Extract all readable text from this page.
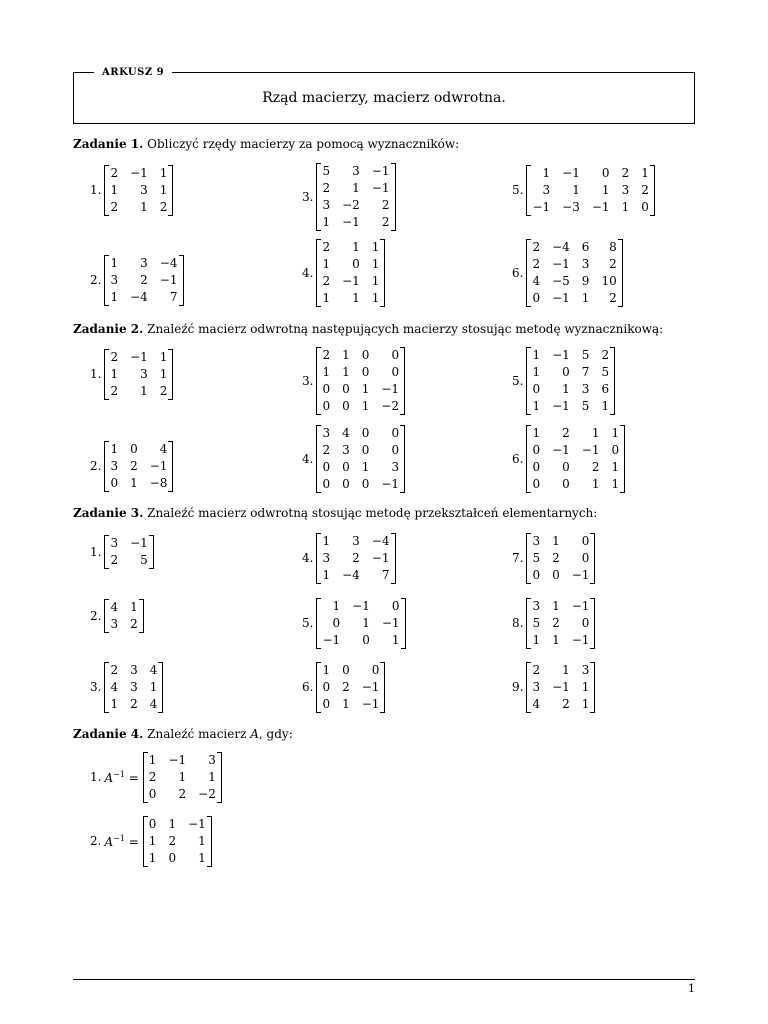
ARKUSZ 9
Rząd macierzy, macierz odwrotna.
Zadanie 1. Obliczyć rzędy macierzy za pomocą wyznaczników:
Zadanie 2. Znaleźć macierz odwrotną następujących macierzy stosując metodę wyznacznikową:
Zadanie 3. Znaleźć macierz odwrotną stosując metodę przekształceń elementarnych:
Zadanie 4. Znaleźć macierz A, gdy:
1.
2 −1 1
1	3 1
2	1 2
2.
1	3 −4
3	2 −1
1 −4	7
3.
5	3 −1
2	1 −1
3 −2	2
1 −1	2
4.
2	1 1
1	0 1
2 −1 1
1	1 1
5.
1 −1	0 2 1
3	1	1 3 2
−1 −3 −1 1 0
6.
2 −4 6	8
2 −1 3	2
4 −5 9 10
0 −1 1	2
1.
2 −1 1
1	3 1
2	1 2
2.
1 0	4
3 2 −1
0 1 −8
3.
2 1 0	0
1 1 0	0
0 0 1 −1
0 0 1 −2
4.
3 4 0	0
2 3 0	0
0 0 1	3
0 0 0 −1
5.
1 −1 5 2
1	0 7 5
0	1 3 6
1 −1 5 1
6.
1	2	1 1
0 −1 −1 0
0	0	2 1
0	0	1 1
1.
3 −1
2	5
2.
4 1
3 2
3.
2 3 4
4 3 1
1 2 4
4.
1	3 −4
3	2 −1
1 −4	7
5.
1 −1	0
0	1 −1
−1	0	1
6.
1 0	0
0 2 −1
0 1 −1
7.
3 1	0
5 2	0
0 0 −1
8.
3 1 −1
5 2	0
1 1 −1
9.
2	1 3
3 −1 1
4	2 1
1. $A^{-1}$ =
1 −1	3
2	1	1
0	2 −2
2. $A^{-1}$ =
0 1 −1
1 2	1
1 0	1
1
